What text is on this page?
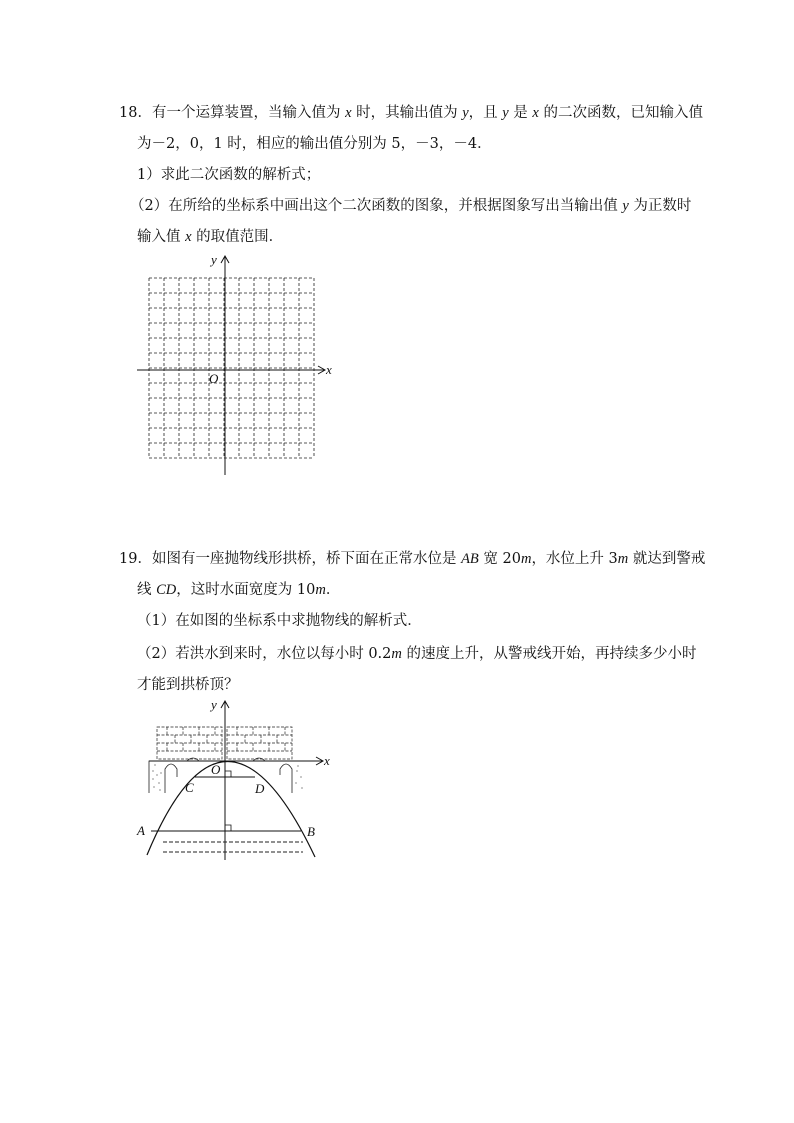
18．有一个运算装置，当输入值为 x 时，其输出值为 y，且 y 是 x 的二次函数，已知输入值
为－2，0，1 时，相应的输出值分别为 5，－3，－4．
1）求此二次函数的解析式；
（2）在所给的坐标系中画出这个二次函数的图象，并根据图象写出当输出值 y 为正数时
输入值 x 的取值范围．
x
y
O
19．如图有一座抛物线形拱桥，桥下面在正常水位是 AB 宽 20m，水位上升 3m 就达到警戒
线 CD，这时水面宽度为 10m．
（1）在如图的坐标系中求抛物线的解析式．
（2）若洪水到来时，水位以每小时 0.2m 的速度上升，从警戒线开始，再持续多少小时
才能到拱桥顶？
x
y
O
C	D
A	B
